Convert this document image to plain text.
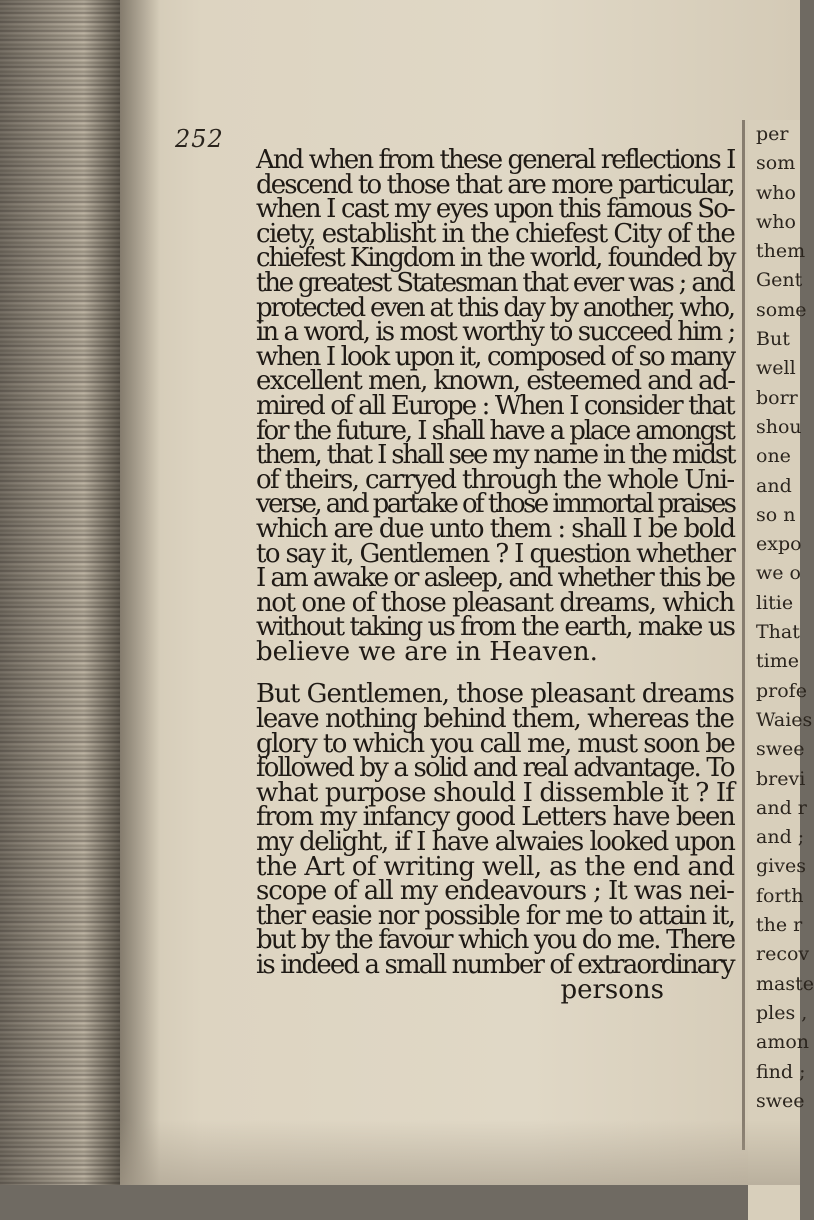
252
And when from these general reflections I
descend to those that are more particular,
when I cast my eyes upon this famous So-
ciety, establisht in the chiefest City of the
chiefest Kingdom in the world, founded by
the greatest Statesman that ever was ; and
protected even at this day by another, who,
in a word, is most worthy to succeed him ;
when I look upon it, composed of so many
excellent men, known, esteemed and ad-
mired of all Europe : When I consider that
for the future, I shall have a place amongst
them, that I shall see my name in the midst
of theirs, carryed through the whole Uni-
verse, and partake of those immortal praises
which are due unto them : shall I be bold
to say it, Gentlemen ? I question whether
I am awake or asleep, and whether this be
not one of those pleasant dreams, which
without taking us from the earth, make us
believe we are in Heaven.
But Gentlemen, those pleasant dreams
leave nothing behind them, whereas the
glory to which you call me, must soon be
followed by a solid and real advantage. To
what purpose should I dissemble it ? If
from my infancy good Letters have been
my delight, if I have alwaies looked upon
the Art of writing well, as the end and
scope of all my endeavours ; It was nei-
ther easie nor possible for me to attain it,
but by the favour which you do me. There
is indeed a small number of extraordinary
persons
per
som
who
who
them
Gent
some
But
well
borr
shou
one
and
so n
expo
we o
litie
That
time
profe
Waies
swee
brevi
and r
and ;
gives
forth
the r
recov
maste
ples ,
amon
find ;
swee
